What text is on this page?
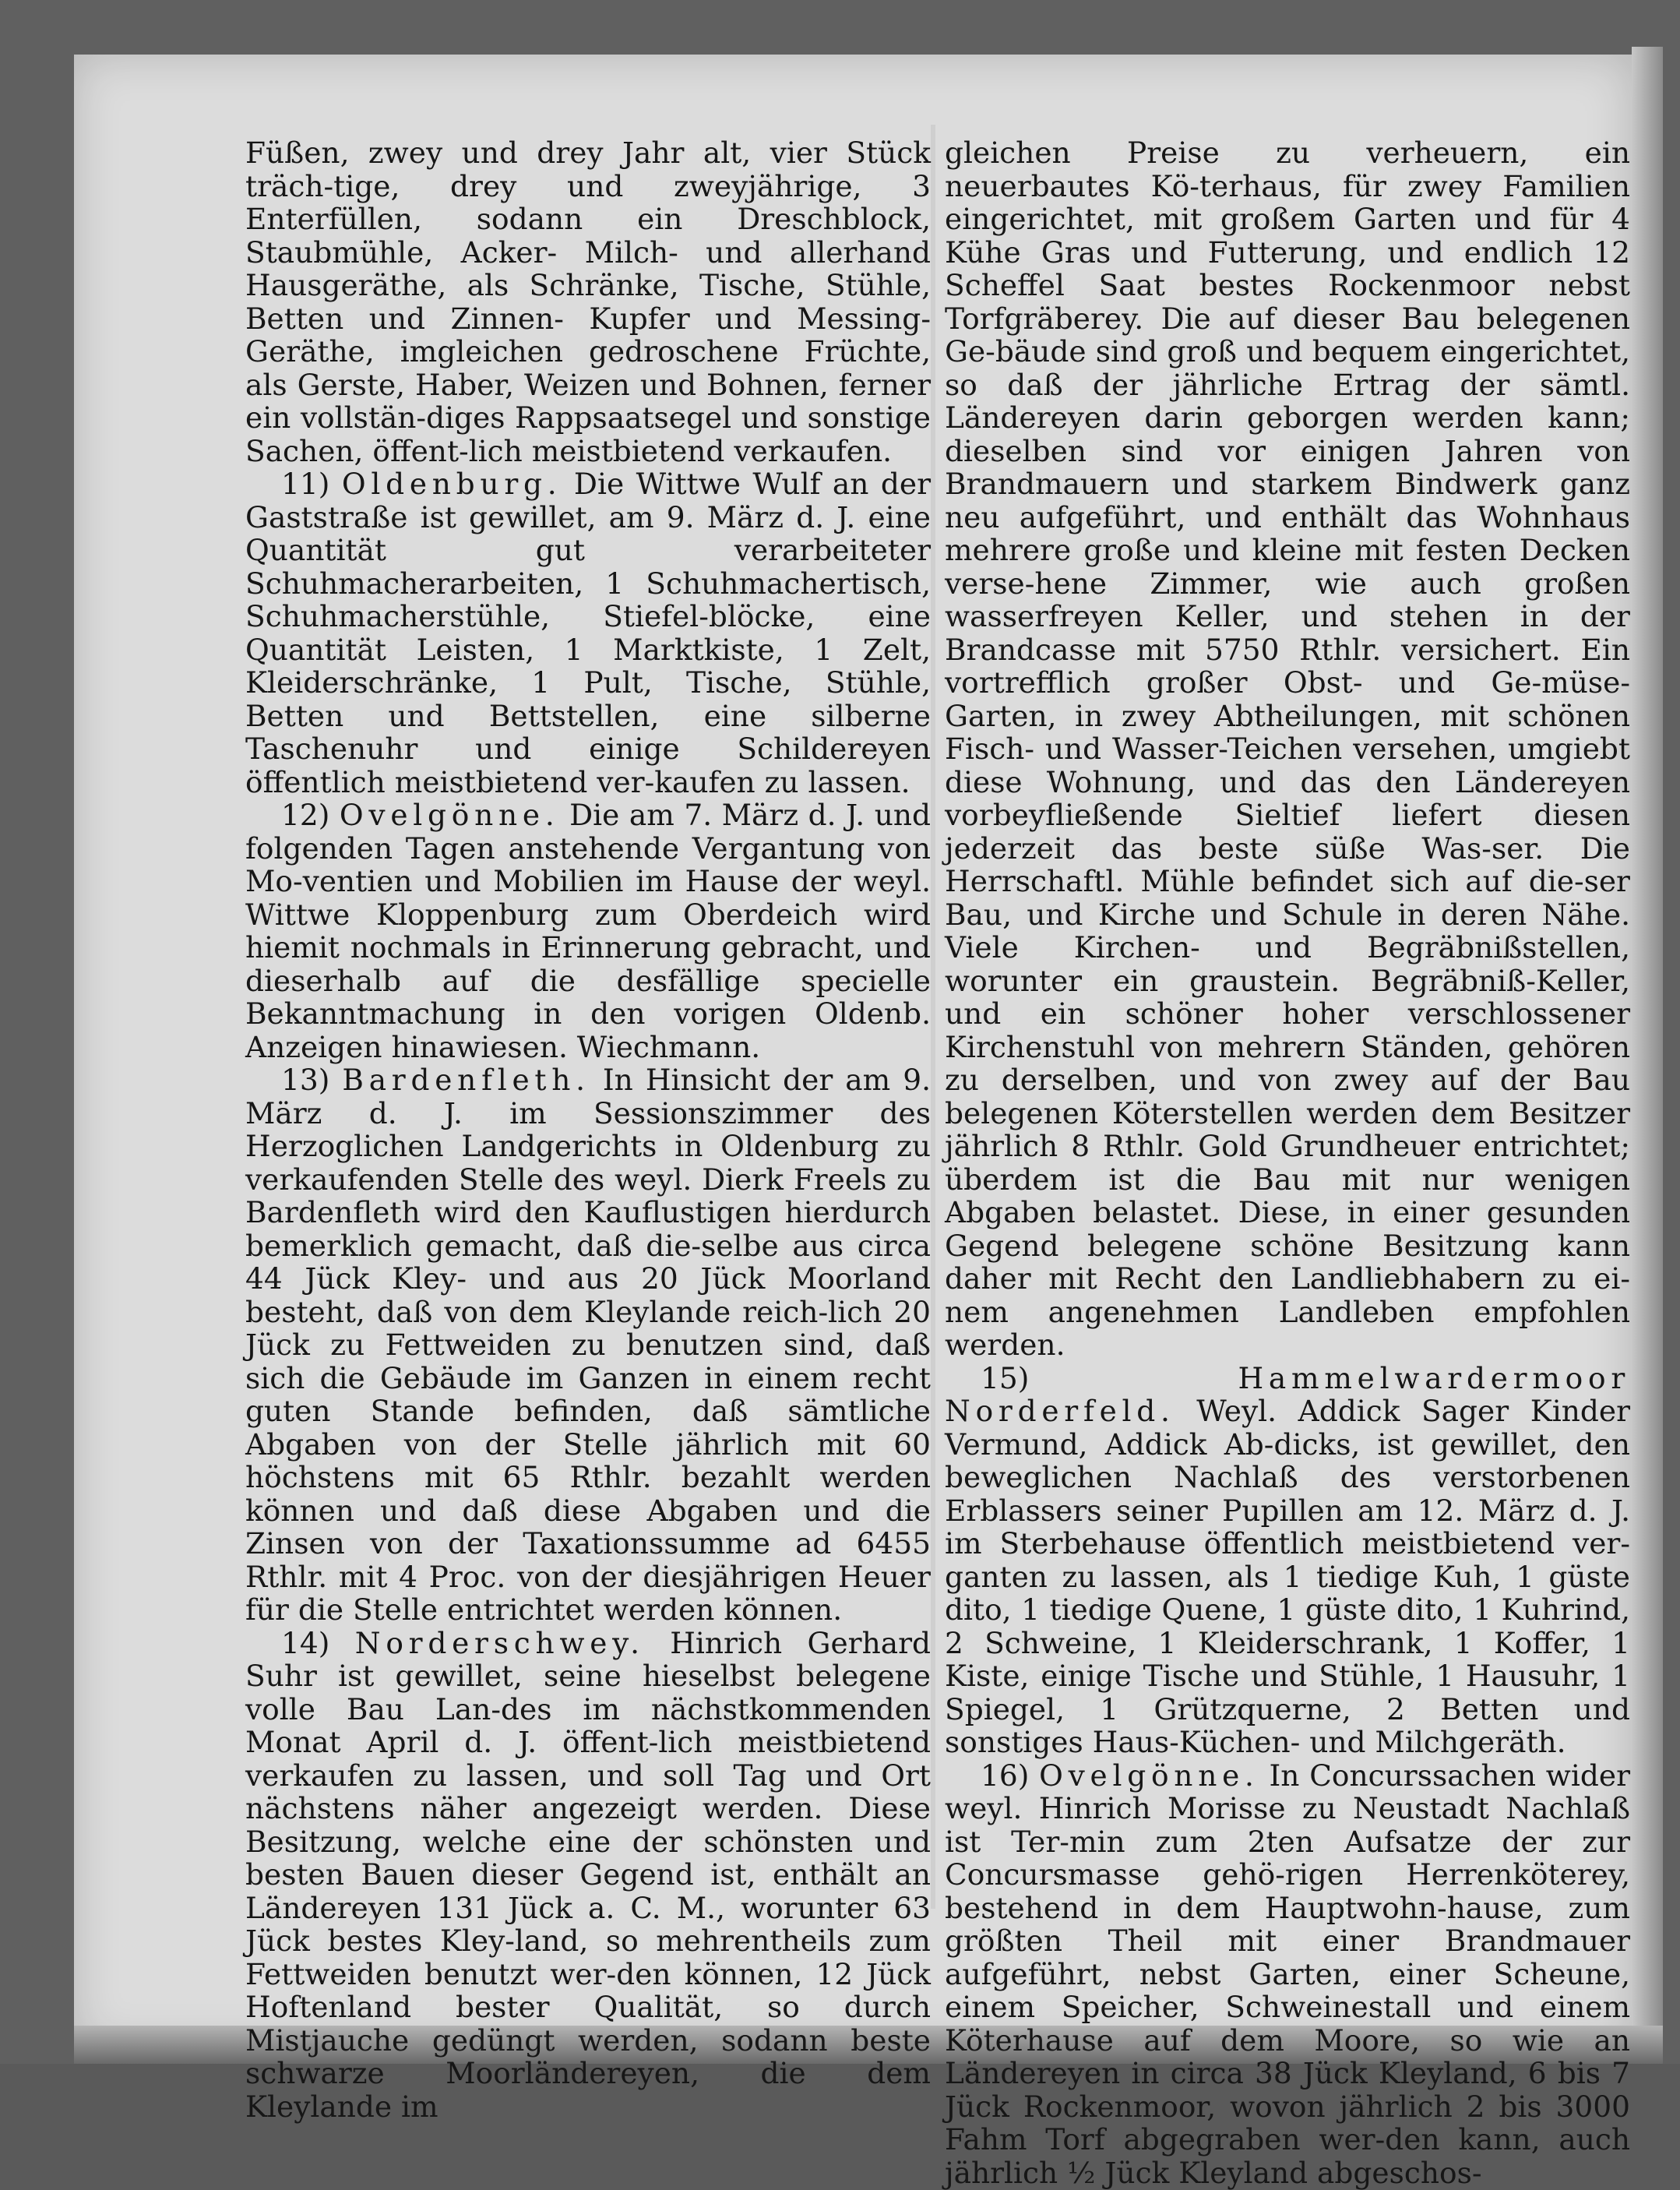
Füßen, zwey und drey Jahr alt, vier Stück träch-tige, drey und zweyjährige, 3 Enterfüllen, sodann ein Dreschblock, Staubmühle, Acker- Milch- und allerhand Hausgeräthe, als Schränke, Tische, Stühle, Betten und Zinnen- Kupfer und Messing-Geräthe, imgleichen gedroschene Früchte, als Gerste, Haber, Weizen und Bohnen, ferner ein vollstän-diges Rappsaatsegel und sonstige Sachen, öffent-lich meistbietend verkaufen.

11) Oldenburg. Die Wittwe Wulf an der Gaststraße ist gewillet, am 9. März d. J. eine Quantität gut verarbeiteter Schuhmacherarbeiten, 1 Schuhmachertisch, Schuhmacherstühle, Stiefel-blöcke, eine Quantität Leisten, 1 Marktkiste, 1 Zelt, Kleiderschränke, 1 Pult, Tische, Stühle, Betten und Bettstellen, eine silberne Taschenuhr und einige Schildereyen öffentlich meistbietend ver-kaufen zu lassen.

12) Ovelgönne. Die am 7. März d. J. und folgenden Tagen anstehende Vergantung von Mo-ventien und Mobilien im Hause der weyl. Wittwe Kloppenburg zum Oberdeich wird hiemit nochmals in Erinnerung gebracht, und dieserhalb auf die desfällige specielle Bekanntmachung in den vorigen Oldenb. Anzeigen hinawiesen. Wiechmann.

13) Bardenfleth. In Hinsicht der am 9. März d. J. im Sessionszimmer des Herzoglichen Landgerichts in Oldenburg zu verkaufenden Stelle des weyl. Dierk Freels zu Bardenfleth wird den Kauflustigen hierdurch bemerklich gemacht, daß die-selbe aus circa 44 Jück Kley- und aus 20 Jück Moorland besteht, daß von dem Kleylande reich-lich 20 Jück zu Fettweiden zu benutzen sind, daß sich die Gebäude im Ganzen in einem recht guten Stande befinden, daß sämtliche Abgaben von der Stelle jährlich mit 60 höchstens mit 65 Rthlr. bezahlt werden können und daß diese Abgaben und die Zinsen von der Taxationssumme ad 6455 Rthlr. mit 4 Proc. von der diesjährigen Heuer für die Stelle entrichtet werden können.

14) Norderschwey. Hinrich Gerhard Suhr ist gewillet, seine hieselbst belegene volle Bau Lan-des im nächstkommenden Monat April d. J. öffent-lich meistbietend verkaufen zu lassen, und soll Tag und Ort nächstens näher angezeigt werden. Diese Besitzung, welche eine der schönsten und besten Bauen dieser Gegend ist, enthält an Ländereyen 131 Jück a. C. M., worunter 63 Jück bestes Kley-land, so mehrentheils zum Fettweiden benutzt wer-den können, 12 Jück Hoftenland bester Qualität, so durch Mistjauche gedüngt werden, sodann beste schwarze Moorländereyen, die dem Kleylande im

gleichen Preise zu verheuern, ein neuerbautes Kö-terhaus, für zwey Familien eingerichtet, mit großem Garten und für 4 Kühe Gras und Futterung, und endlich 12 Scheffel Saat bestes Rockenmoor nebst Torfgräberey. Die auf dieser Bau belegenen Ge-bäude sind groß und bequem eingerichtet, so daß der jährliche Ertrag der sämtl. Ländereyen darin geborgen werden kann; dieselben sind vor einigen Jahren von Brandmauern und starkem Bindwerk ganz neu aufgeführt, und enthält das Wohnhaus mehrere große und kleine mit festen Decken verse-hene Zimmer, wie auch großen wasserfreyen Keller, und stehen in der Brandcasse mit 5750 Rthlr. versichert. Ein vortrefflich großer Obst- und Ge-müse-Garten, in zwey Abtheilungen, mit schönen Fisch- und Wasser-Teichen versehen, umgiebt diese Wohnung, und das den Ländereyen vorbeyfließende Sieltief liefert diesen jederzeit das beste süße Was-ser. Die Herrschaftl. Mühle befindet sich auf die-ser Bau, und Kirche und Schule in deren Nähe. Viele Kirchen- und Begräbnißstellen, worunter ein graustein. Begräbniß-Keller, und ein schöner hoher verschlossener Kirchenstuhl von mehrern Ständen, gehören zu derselben, und von zwey auf der Bau belegenen Köterstellen werden dem Besitzer jährlich 8 Rthlr. Gold Grundheuer entrichtet; überdem ist die Bau mit nur wenigen Abgaben belastet. Diese, in einer gesunden Gegend belegene schöne Besitzung kann daher mit Recht den Landliebhabern zu ei-nem angenehmen Landleben empfohlen werden.

15)	Hammelwardermoor Norderfeld. Weyl. Addick Sager Kinder Vermund, Addick Ab-dicks, ist gewillet, den beweglichen Nachlaß des verstorbenen Erblassers seiner Pupillen am 12. März d. J. im Sterbehause öffentlich meistbietend ver-ganten zu lassen, als 1 tiedige Kuh, 1 güste dito, 1 tiedige Quene, 1 güste dito, 1 Kuhrind, 2 Schweine, 1 Kleiderschrank, 1 Koffer, 1 Kiste, einige Tische und Stühle, 1 Hausuhr, 1 Spiegel, 1 Grützquerne, 2 Betten und sonstiges Haus-Küchen- und Milchgeräth.

16) Ovelgönne. In Concurssachen wider weyl. Hinrich Morisse zu Neustadt Nachlaß ist Ter-min zum 2ten Aufsatze der zur Concursmasse gehö-rigen Herrenköterey, bestehend in dem Hauptwohn-hause, zum größten Theil mit einer Brandmauer aufgeführt, nebst Garten, einer Scheune, einem Speicher, Schweinestall und einem Köterhause auf dem Moore, so wie an Ländereyen in circa 38 Jück Kleyland, 6 bis 7 Jück Rockenmoor, wovon jährlich 2 bis 3000 Fahm Torf abgegraben wer-den kann, auch jährlich ½ Jück Kleyland abgeschos-
